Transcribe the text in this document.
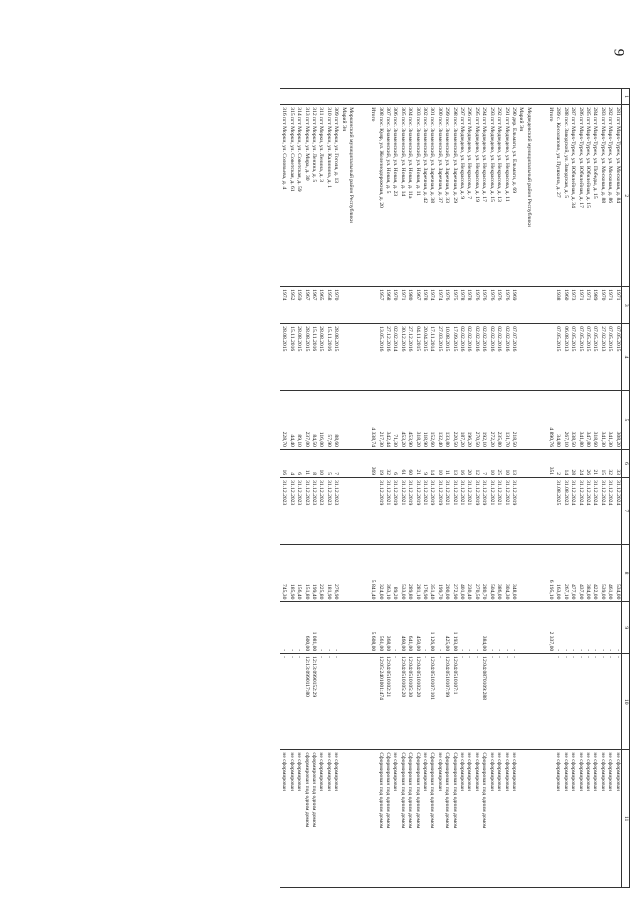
9
1	2	3	4	5	6	7	8	9	10	11
	281 пгт Марх-Турек, ул. Московая, д. 84	1971	07.05.2015	308,20	33	31.12.2024	534,00	-	-	не сформирован
	282 пгт Марх-Турек, ул. Московая, д. 86	1971	07.05.2015	341,30	32	31.12.2024	461,00	-	-	не сформирован
	283 пгт Марх-Турек, ул. Московая, д. 88	1970	27.02.2013	341,30	15	31.12.2024	539,00	-	-	не сформирован
	284 пгт Марх-Турек, ул. Победы, д. 15	1989	07.05.2015	318,60	21	31.12.2024	422,00	-	-	не сформирован
	285 пгт Марх-Турек, ул. Юбилейная, д. 15	1971	07.05.2015	347,80	26	31.12.2024	384,00	-	-	не сформирован
	286 пгт Марх-Турек, ул. Юбилейная, д. 17	1971	07.05.2015	341,80	24	31.12.2024	437,00	-	-	не сформирован
	287 пгт Марх-Турек, ул. Юбилейная, д. 34	1973	07.05.2015	338,50	28	31.12.2024	477,00	-	-	не сформирован
	288 пос. Заводской, ул. Заводская, д. 5	1960	06.08.2013	267,10	14	31.08.2023	267,10	-	-	не сформирован
	289 с. Косолапово, ул. Пушкина, д. 27	1938	07.05.2015	34,80	2	31.08.2025	163,00	-	-	не сформирован
	Итого			4 890,76	351		6 195,10	2 337,00		

	Медведевский муниципальный район Республики									
	Марий Эл									
	290 дер. Ельмаги, ул. Ельмаги, д. 69	1969	07.07.2016	218,50	13	31.12.2019	348,00	-	-	не сформирован
	291 пгт Медведево, ул. Некрасова, д. 11	1976	02.02.2016	131,70	10	31.12.2021	304,30	-	-	не сформирован
	292 пгт Медведево, ул. Некрасова, д. 13	1976	02.02.2016	235,80	25	31.12.2021	386,00	-	-	не сформирован
	293 пгт Медведево, ул. Некрасова, д. 15	1976	02.02.2016	272,20	10	31.12.2021	504,00	-	-	не сформирован
	294 пгт Медведево, ул. Некрасова, д. 17	1976	02.02.2016	192,10	7	31.12.2019	280,70	384,00	12:04:0870109:288	Сформирован под одним домом
	295 пгт Медведево, ул. Некрасова, д. 19	1976	02.02.2016	270,50	12	31.12.2019	270,50	-	-	не сформирован
	296 пгт Медведево, ул. Некрасова, д. 7	1978	02.02.2016	196,20	20	31.12.2021	230,40	-	-	не сформирован
	297 пгт Медведево, ул. Некрасова, д. 9	1978	02.02.2016	187,20	16	31.12.2021	401,00	-	-	не сформирован
	298 пос. Знаменский, ул. Заречная, д. 29	1975	17.09.2015	220,50	13	31.12.2021	272,90	1 193,00	12:04:0510107:1	Сформирован под одним домом
	299 пос. Знаменский, ул. Заречная, д. 33	1976	10.08.2015	133,80	11	31.12.2021	200,00	425,00	12:04:0510107:99	Сформирован под одним домом
	300 пос. Знаменский, ул. Заречная, д. 37	1974	27.03.2015	132,40	10	31.12.2019	199,70	-	-	не сформирован
	301 пос. Знаменский, ул. Заречная, д. 38	1974	17.11.2014	152,60	14	31.12.2019	351,40	1 126,00	12:04:0510107:101	Сформирован под одним домом
	302 пос. Знаменский, ул. Заречная, д. 42	1978	20.04.2015	118,90	9	31.12.2021	176,90	-	-	не сформирован
	303 пос. Знаменский, ул. Новая, д. 11	1967	04.11.2015	318,20	21	31.12.2019	281,10	450,00	12:04:0510102:20	Сформирован под одним домом
	304 пос. Знаменский, ул. Новая, д. 11а	1980	27.12.2016	453,90	60	31.12.2019	289,80	641,00	12:04:0510105:30	Сформирован под одним домом
	305 пос. Знаменский, ул. Новая, д. 14	1971	30.12.2016	453,20	61	31.12.2021	533,00	460,00	12:04:0510105:20	Сформирован под одним домом
	306 пос. Знаменский, ул. Новая, д. 23	1970	02.02.2014	71,30	6	31.12.2019	89,20	-	-	не сформирован
	307 пос. Знаменский, ул. Новая, д. 5	1968	27.12.2016	342,44	32	31.12.2021	363,10	368,00	12:04:0510102:21	Сформирован под одним домом
	308 пос. Куяр, ул. Железнодорожная, д. 20	1957	13.05.2016	217,30	19	31.12.2019	324,00	561,00	12:05:2401001:474	Сформирован под одним домом
	Итого			4 338,74	369		5 841,40	5 608,00		

	Моркинский муниципальный район Республики									
	Марий Эл									
	309 пгт Морки, ул. Гоголя, д. 13	1970	28.08.2015	88,60	7	31.12.2023	276,90	-	-	не сформирован
	310 пгт Морки, ул. Калинина, д. 1	1958	15.11.2016	57,90	5	31.12.2023	181,90	-	-	не сформирован
	311 пгт Морки, ул. Ленина, д. 3	1965	28.08.2015	116,00	10	31.12.2023	225,80	-	-	не сформирован
	312 пгт Морки, ул. Ленина, д. 5	1967	15.11.2016	84,50	8	31.12.2023	199,40	1 081,00	12:13:0990152:29	сформирован под одним домом
	313 пгт Морки, ул. Мира, д. 30	1967	28.08.2015	237,00	11	31.12.2023	151,80	600,00	12:13:0990117:80	сформирован под одним домом
	314 пгт Морки, ул. Советская, д. 59	1959	28.08.2015	89,10	6	31.12.2023	156,40	-	-	не сформирован
	315 пгт Морки, ул. Советская, д. 61	1952	15.11.2016	44,40	4	31.12.2023	185,90	-	-	не сформирован
	316 пгт Морки, ул. Соловьева, д. 4	1974	28.08.2015	228,70	16	31.12.2023	745,30	-	-	не сформирован
